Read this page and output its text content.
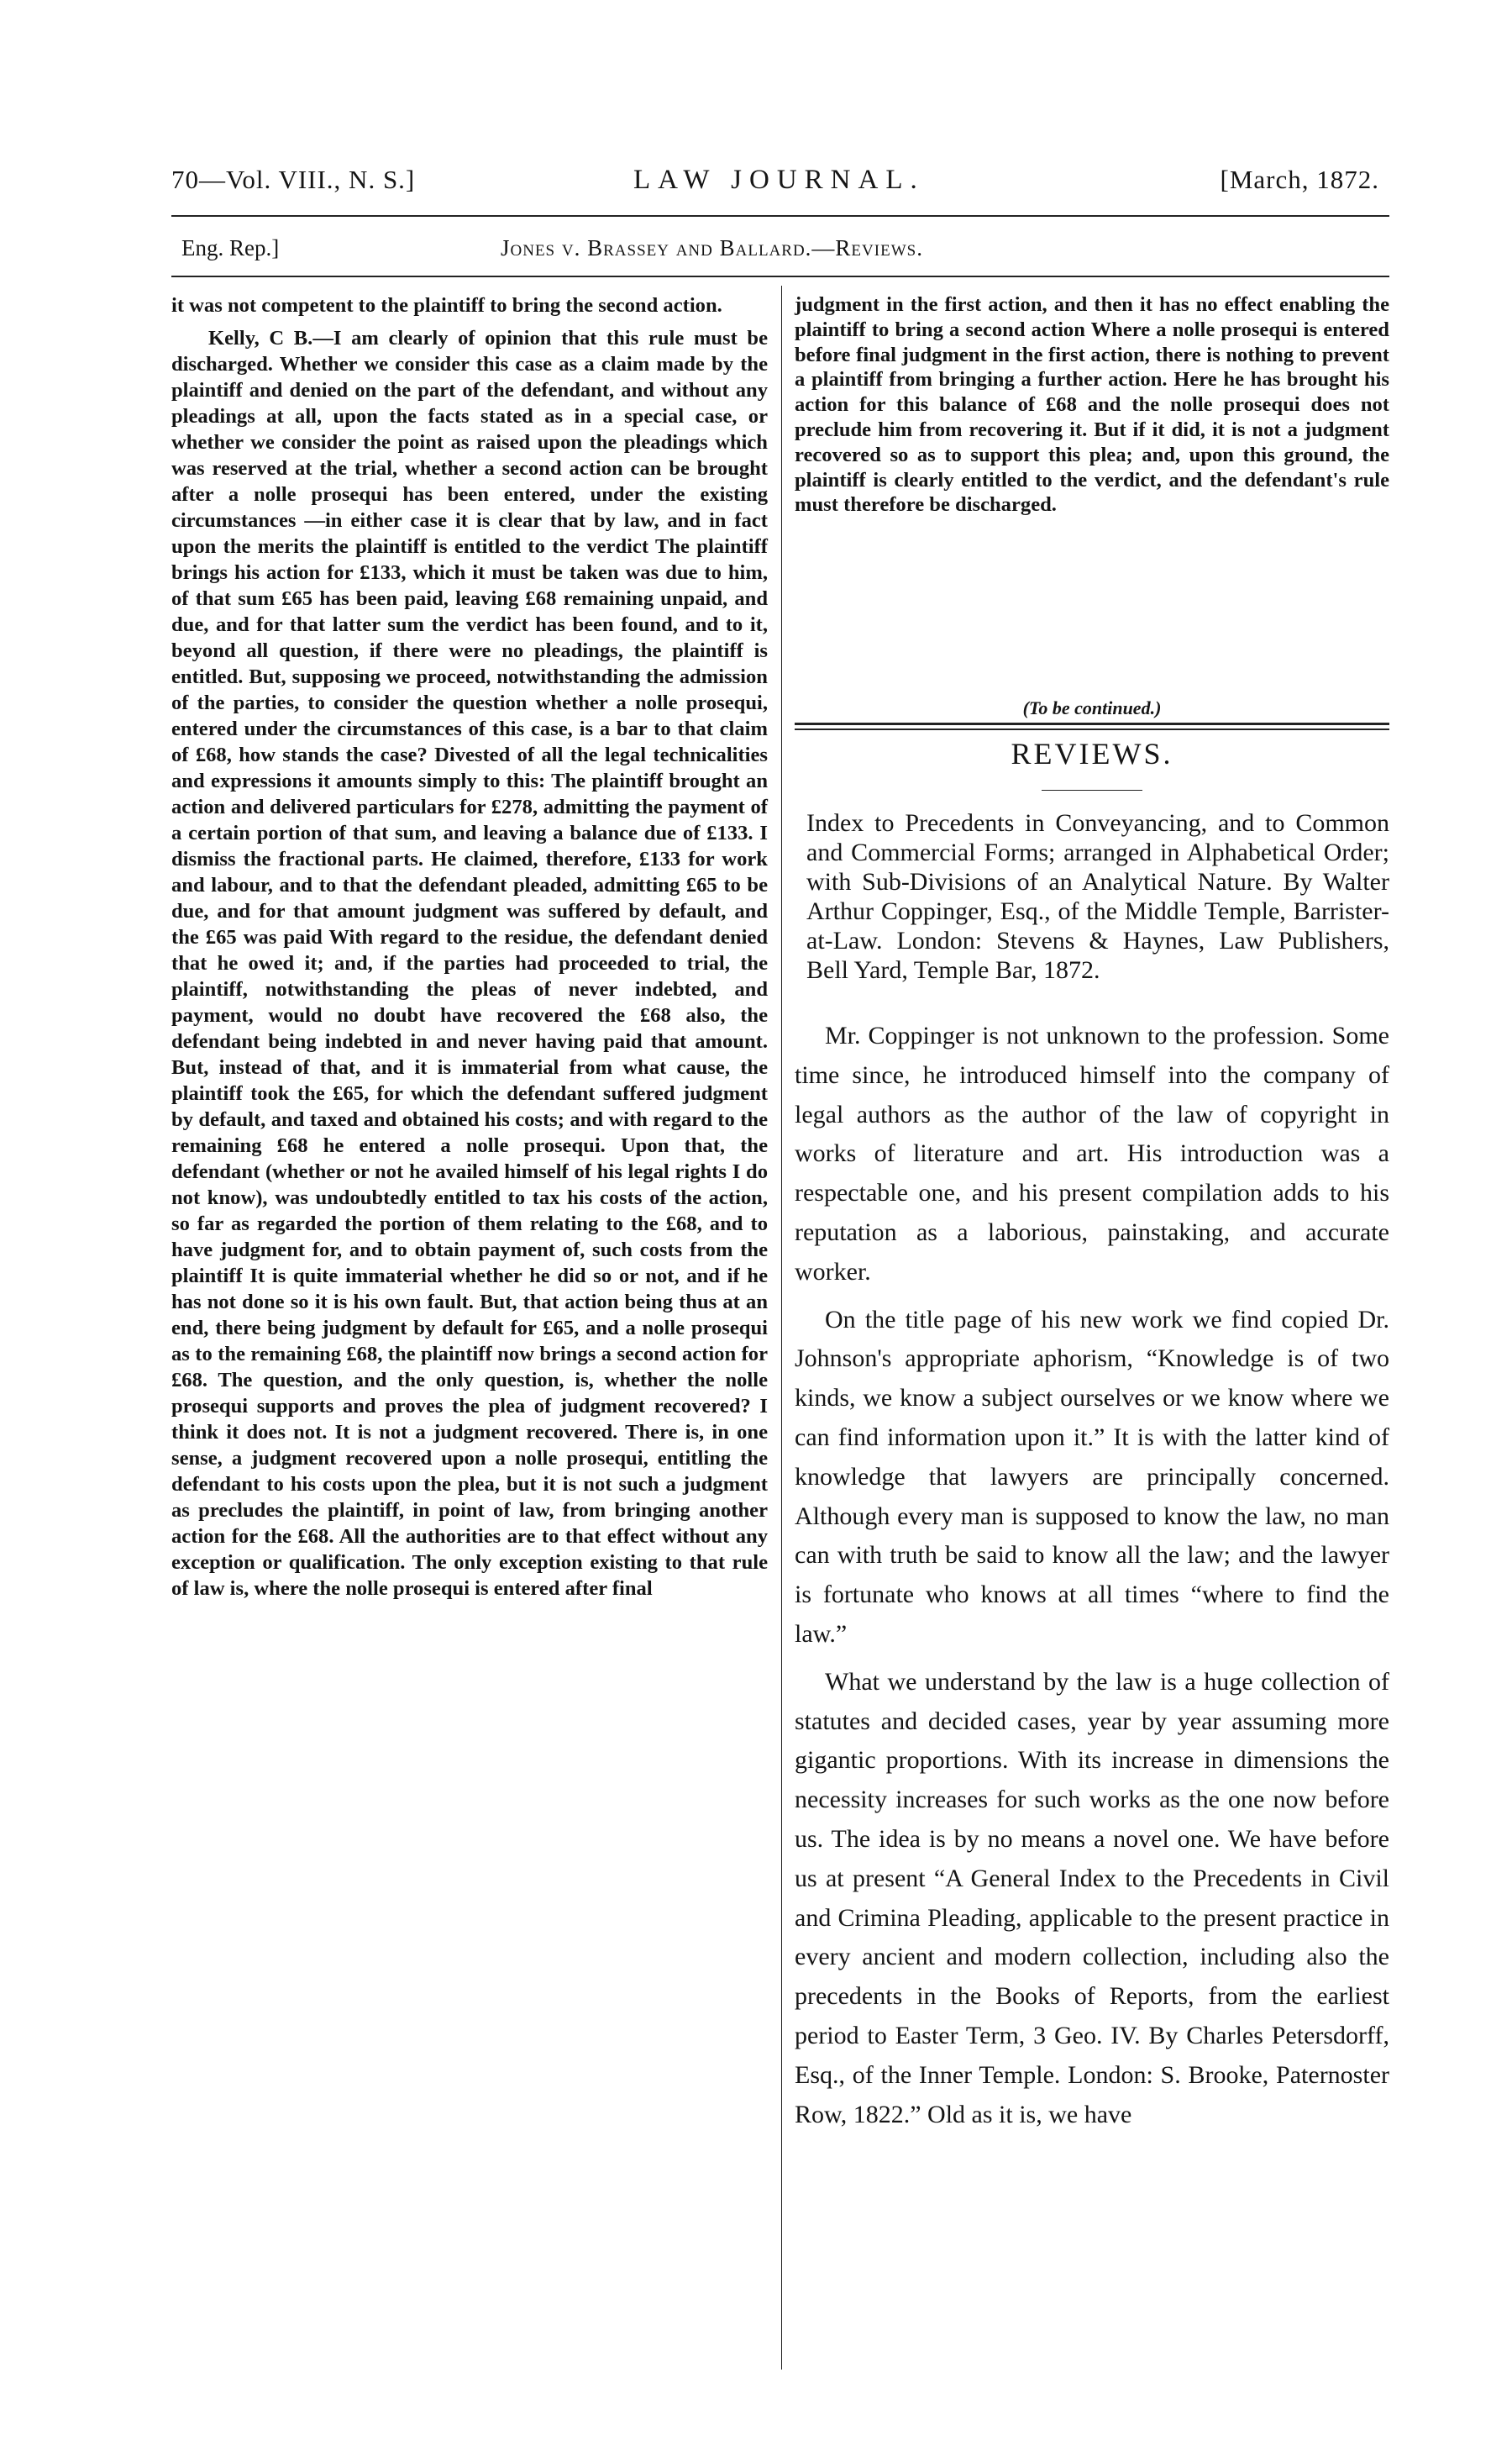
70—Vol. VIII., N. S.]	LAW JOURNAL.	[March, 1872.
Eng. Rep.]	Jones v. Brassey and Ballard.—Reviews.

it was not competent to the plaintiff to bring the second action.

Kelly, C B.—I am clearly of opinion that this rule must be discharged. Whether we consider this case as a claim made by the plaintiff and denied on the part of the defendant, and without any pleadings at all, upon the facts stated as in a special case, or whether we consider the point as raised upon the pleadings which was reserved at the trial, whether a second action can be brought after a nolle prosequi has been entered, under the existing circumstances —in either case it is clear that by law, and in fact upon the merits the plaintiff is entitled to the verdict The plaintiff brings his action for £133, which it must be taken was due to him, of that sum £65 has been paid, leaving £68 remaining unpaid, and due, and for that latter sum the verdict has been found, and to it, beyond all question, if there were no pleadings, the plaintiff is entitled. But, supposing we proceed, notwithstanding the admission of the parties, to consider the question whether a nolle prosequi, entered under the circumstances of this case, is a bar to that claim of £68, how stands the case? Divested of all the legal technicalities and expressions it amounts simply to this: The plaintiff brought an action and delivered particulars for £278, admitting the payment of a certain portion of that sum, and leaving a balance due of £133. I dismiss the fractional parts. He claimed, therefore, £133 for work and labour, and to that the defendant pleaded, admitting £65 to be due, and for that amount judgment was suffered by default, and the £65 was paid With regard to the residue, the defendant denied that he owed it; and, if the parties had proceeded to trial, the plaintiff, notwithstanding the pleas of never indebted, and payment, would no doubt have recovered the £68 also, the defendant being indebted in and never having paid that amount. But, instead of that, and it is immaterial from what cause, the plaintiff took the £65, for which the defendant suffered judgment by default, and taxed and obtained his costs; and with regard to the remaining £68 he entered a nolle prosequi. Upon that, the defendant (whether or not he availed himself of his legal rights I do not know), was undoubtedly entitled to tax his costs of the action, so far as regarded the portion of them relating to the £68, and to have judgment for, and to obtain payment of, such costs from the plaintiff It is quite immaterial whether he did so or not, and if he has not done so it is his own fault. But, that action being thus at an end, there being judgment by default for £65, and a nolle prosequi as to the remaining £68, the plaintiff now brings a second action for £68. The question, and the only question, is, whether the nolle prosequi supports and proves the plea of judgment recovered? I think it does not. It is not a judgment recovered. There is, in one sense, a judgment recovered upon a nolle prosequi, entitling the defendant to his costs upon the plea, but it is not such a judgment as precludes the plaintiff, in point of law, from bringing another action for the £68. All the authorities are to that effect without any exception or qualification. The only exception existing to that rule of law is, where the nolle prosequi is entered after final

judgment in the first action, and then it has no effect enabling the plaintiff to bring a second action Where a nolle prosequi is entered before final judgment in the first action, there is nothing to prevent a plaintiff from bringing a further action. Here he has brought his action for this balance of £68 and the nolle prosequi does not preclude him from recovering it. But if it did, it is not a judgment recovered so as to support this plea; and, upon this ground, the plaintiff is clearly entitled to the verdict, and the defendant's rule must therefore be discharged.
(To be continued.)
REVIEWS.
Index to Precedents in Conveyancing, and to Common and Commercial Forms; arranged in Alphabetical Order; with Sub-Divisions of an Analytical Nature. By Walter Arthur Coppinger, Esq., of the Middle Temple, Barrister-at-Law. London: Stevens & Haynes, Law Publishers, Bell Yard, Temple Bar, 1872.

Mr. Coppinger is not unknown to the profession. Some time since, he introduced himself into the company of legal authors as the author of the law of copyright in works of literature and art. His introduction was a respectable one, and his present compilation adds to his reputation as a laborious, painstaking, and accurate worker.

On the title page of his new work we find copied Dr. Johnson's appropriate aphorism, “Knowledge is of two kinds, we know a subject ourselves or we know where we can find information upon it.” It is with the latter kind of knowledge that lawyers are principally concerned. Although every man is supposed to know the law, no man can with truth be said to know all the law; and the lawyer is fortunate who knows at all times “where to find the law.”

What we understand by the law is a huge collection of statutes and decided cases, year by year assuming more gigantic proportions. With its increase in dimensions the necessity increases for such works as the one now before us. The idea is by no means a novel one. We have before us at present “A General Index to the Precedents in Civil and Crimina Pleading, applicable to the present practice in every ancient and modern collection, including also the precedents in the Books of Reports, from the earliest period to Easter Term, 3 Geo. IV. By Charles Petersdorff, Esq., of the Inner Temple. London: S. Brooke, Paternoster Row, 1822.” Old as it is, we have
